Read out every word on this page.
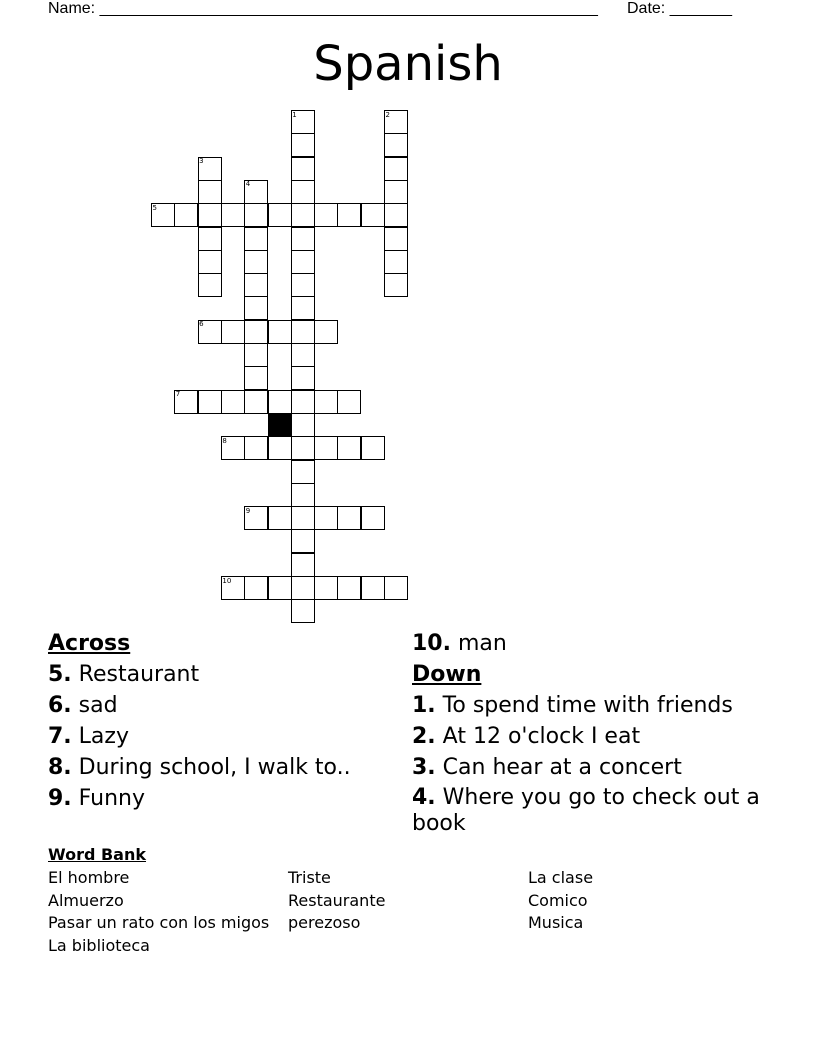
Name: ________________________________________________________ Date: _______
Spanish
1	2
3
4
5
6
7
8
9
10
Across
5. Restaurant
6. sad
7. Lazy
8. During school, I walk to..
9. Funny
10. man
Down
1. To spend time with friends
2. At 12 o'clock I eat
3. Can hear at a concert
4. Where you go to check out a book
Word Bank
El hombre
Almuerzo
Pasar un rato con los migos
La biblioteca
Triste
Restaurante
perezoso
La clase
Comico
Musica
